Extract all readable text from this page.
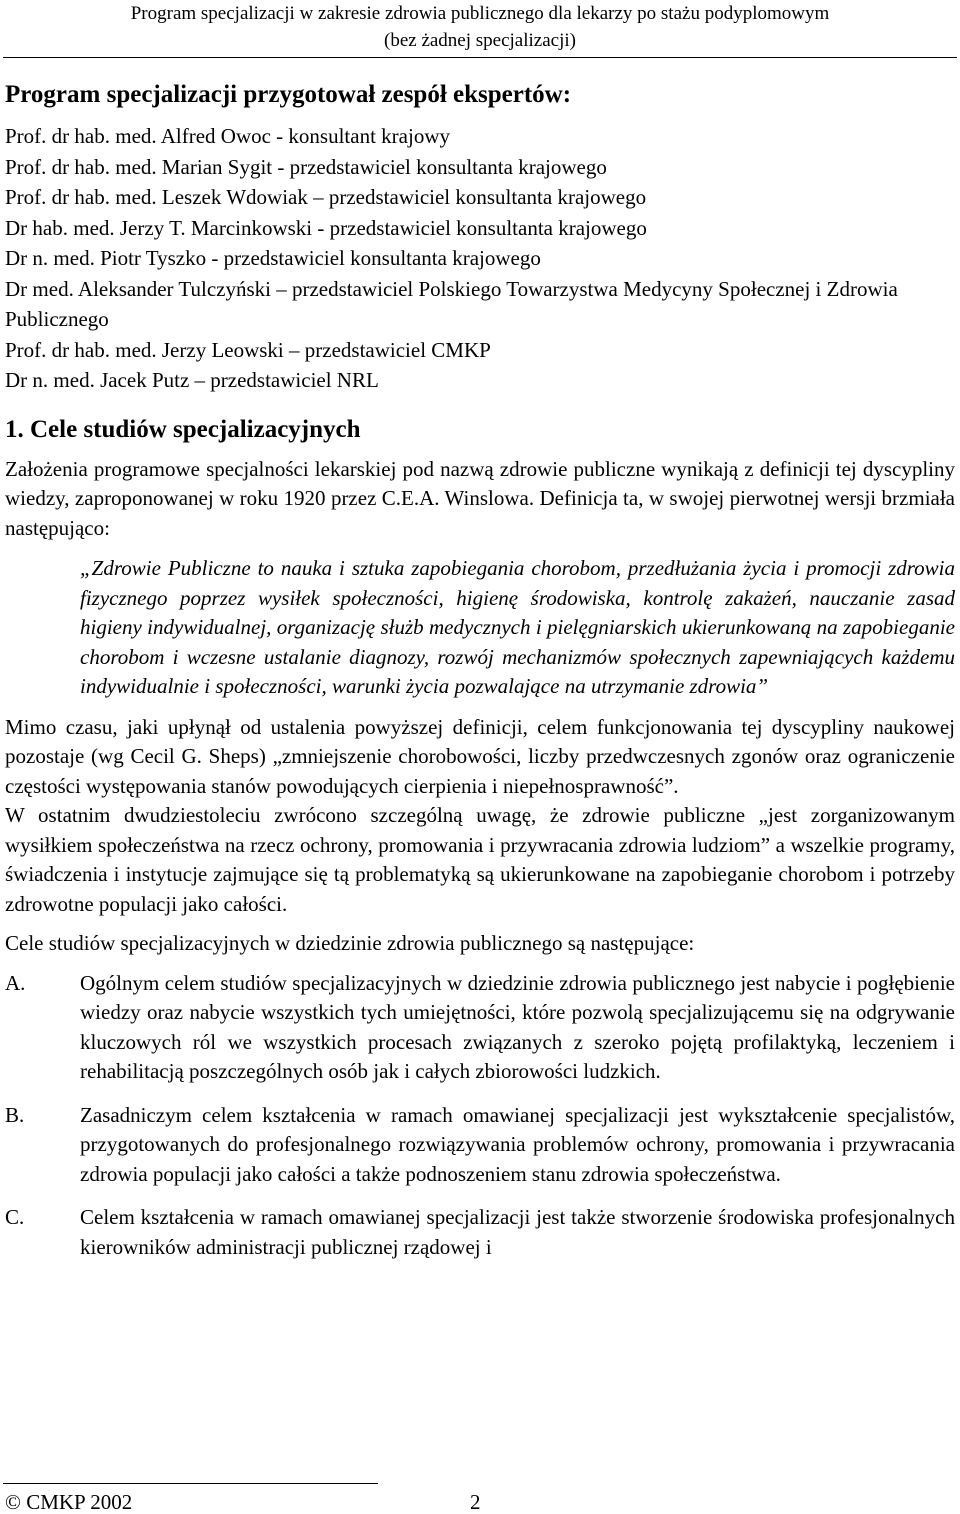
Program specjalizacji w zakresie zdrowia publicznego dla lekarzy po stażu podyplomowym
(bez żadnej specjalizacji)
Program specjalizacji przygotował zespół ekspertów:
Prof. dr hab. med. Alfred Owoc - konsultant krajowy
Prof. dr hab. med. Marian Sygit - przedstawiciel konsultanta krajowego
Prof. dr hab. med. Leszek Wdowiak – przedstawiciel konsultanta krajowego
Dr hab. med. Jerzy T. Marcinkowski - przedstawiciel konsultanta krajowego
Dr n. med. Piotr Tyszko - przedstawiciel konsultanta krajowego
Dr med. Aleksander Tulczyński – przedstawiciel Polskiego Towarzystwa Medycyny Społecznej i Zdrowia Publicznego
Prof. dr hab. med. Jerzy Leowski – przedstawiciel CMKP
Dr n. med. Jacek Putz – przedstawiciel NRL
1. Cele studiów specjalizacyjnych

Założenia programowe specjalności lekarskiej pod nazwą zdrowie publiczne wynikają z definicji tej dyscypliny wiedzy, zaproponowanej w roku 1920 przez C.E.A. Winslowa. Definicja ta, w swojej pierwotnej wersji brzmiała następująco:

„Zdrowie Publiczne to nauka i sztuka zapobiegania chorobom, przedłużania życia i promocji zdrowia fizycznego poprzez wysiłek społeczności, higienę środowiska, kontrolę zakażeń, nauczanie zasad higieny indywidualnej, organizację służb medycznych i pielęgniarskich ukierunkowaną na zapobieganie chorobom i wczesne ustalanie diagnozy, rozwój mechanizmów społecznych zapewniających każdemu indywidualnie i społeczności, warunki życia pozwalające na utrzymanie zdrowia”

Mimo czasu, jaki upłynął od ustalenia powyższej definicji, celem funkcjonowania tej dyscypliny naukowej pozostaje (wg Cecil G. Sheps) „zmniejszenie chorobowości, liczby przedwczesnych zgonów oraz ograniczenie częstości występowania stanów powodujących cierpienia i niepełnosprawność”.

W ostatnim dwudziestoleciu zwrócono szczególną uwagę, że zdrowie publiczne „jest zorganizowanym wysiłkiem społeczeństwa na rzecz ochrony, promowania i przywracania zdrowia ludziom” a wszelkie programy, świadczenia i instytucje zajmujące się tą problematyką są ukierunkowane na zapobieganie chorobom i potrzeby zdrowotne populacji jako całości.

Cele studiów specjalizacyjnych w dziedzinie zdrowia publicznego są następujące:

A.	Ogólnym celem studiów specjalizacyjnych w dziedzinie zdrowia publicznego jest nabycie i pogłębienie wiedzy oraz nabycie wszystkich tych umiejętności, które pozwolą specjalizującemu się na odgrywanie kluczowych ról we wszystkich procesach związanych z szeroko pojętą profilaktyką, leczeniem i rehabilitacją poszczególnych osób jak i całych zbiorowości ludzkich.
B.	Zasadniczym celem kształcenia w ramach omawianej specjalizacji jest wykształcenie specjalistów, przygotowanych do profesjonalnego rozwiązywania problemów ochrony, promowania i przywracania zdrowia populacji jako całości a także podnoszeniem stanu zdrowia społeczeństwa.
C.	Celem kształcenia w ramach omawianej specjalizacji jest także stworzenie środowiska profesjonalnych kierowników administracji publicznej rządowej i
© CMKP 2002	2
